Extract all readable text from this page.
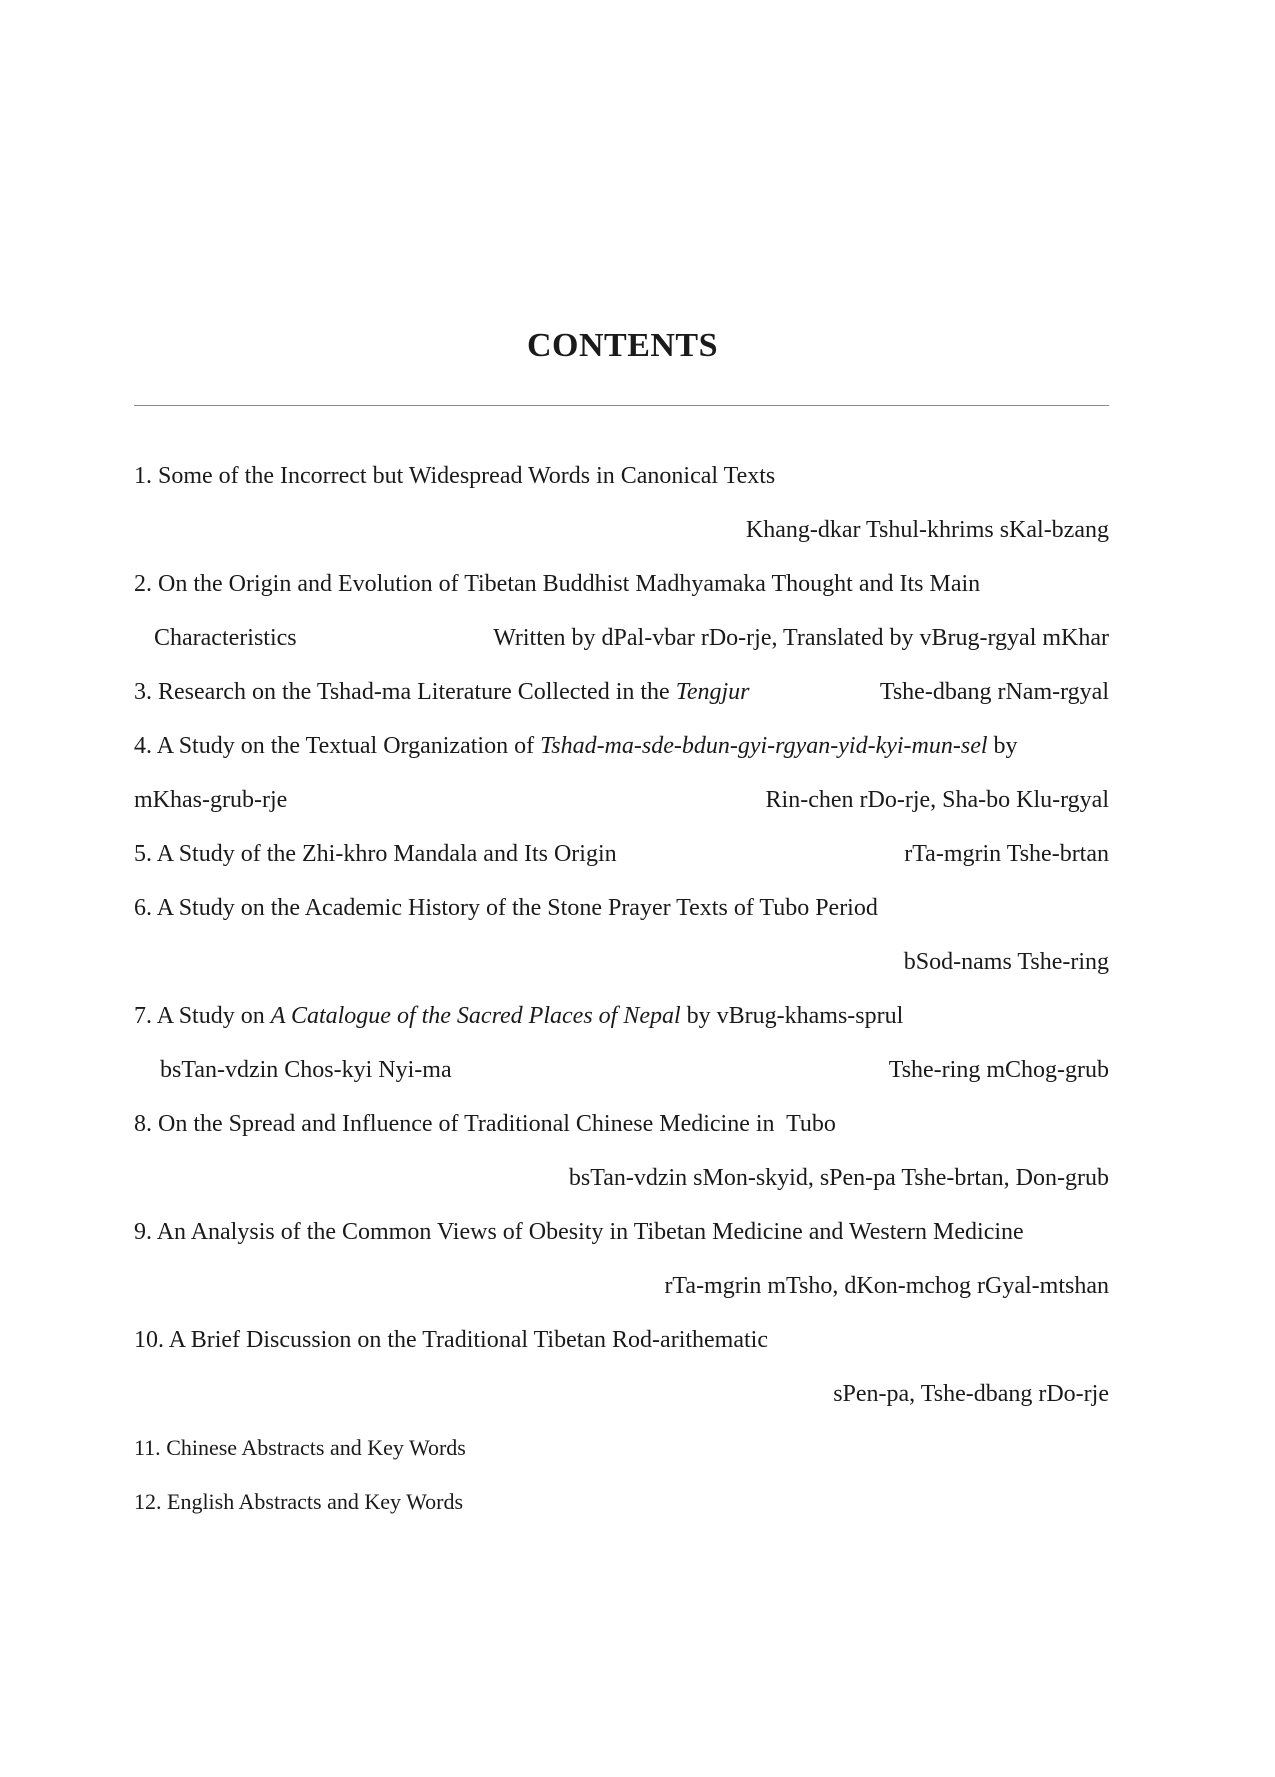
CONTENTS
1. Some of the Incorrect but Widespread Words in Canonical Texts
Khang-dkar Tshul-khrims sKal-bzang
2. On the Origin and Evolution of Tibetan Buddhist Madhyamaka Thought and Its Main
Characteristics	Written by dPal-vbar rDo-rje, Translated by vBrug-rgyal mKhar
3. Research on the Tshad-ma Literature Collected in the Tengjur	Tshe-dbang rNam-rgyal
4. A Study on the Textual Organization of Tshad-ma-sde-bdun-gyi-rgyan-yid-kyi-mun-sel by
mKhas-grub-rje	Rin-chen rDo-rje, Sha-bo Klu-rgyal
5. A Study of the Zhi-khro Mandala and Its Origin	rTa-mgrin Tshe-brtan
6. A Study on the Academic History of the Stone Prayer Texts of Tubo Period
bSod-nams Tshe-ring
7. A Study on A Catalogue of the Sacred Places of Nepal by vBrug-khams-sprul
bsTan-vdzin Chos-kyi Nyi-ma	Tshe-ring mChog-grub
8. On the Spread and Influence of Traditional Chinese Medicine in  Tubo
bsTan-vdzin sMon-skyid, sPen-pa Tshe-brtan, Don-grub
9. An Analysis of the Common Views of Obesity in Tibetan Medicine and Western Medicine
rTa-mgrin mTsho, dKon-mchog rGyal-mtshan
10. A Brief Discussion on the Traditional Tibetan Rod-arithematic
sPen-pa, Tshe-dbang rDo-rje
11. Chinese Abstracts and Key Words
12. English Abstracts and Key Words
